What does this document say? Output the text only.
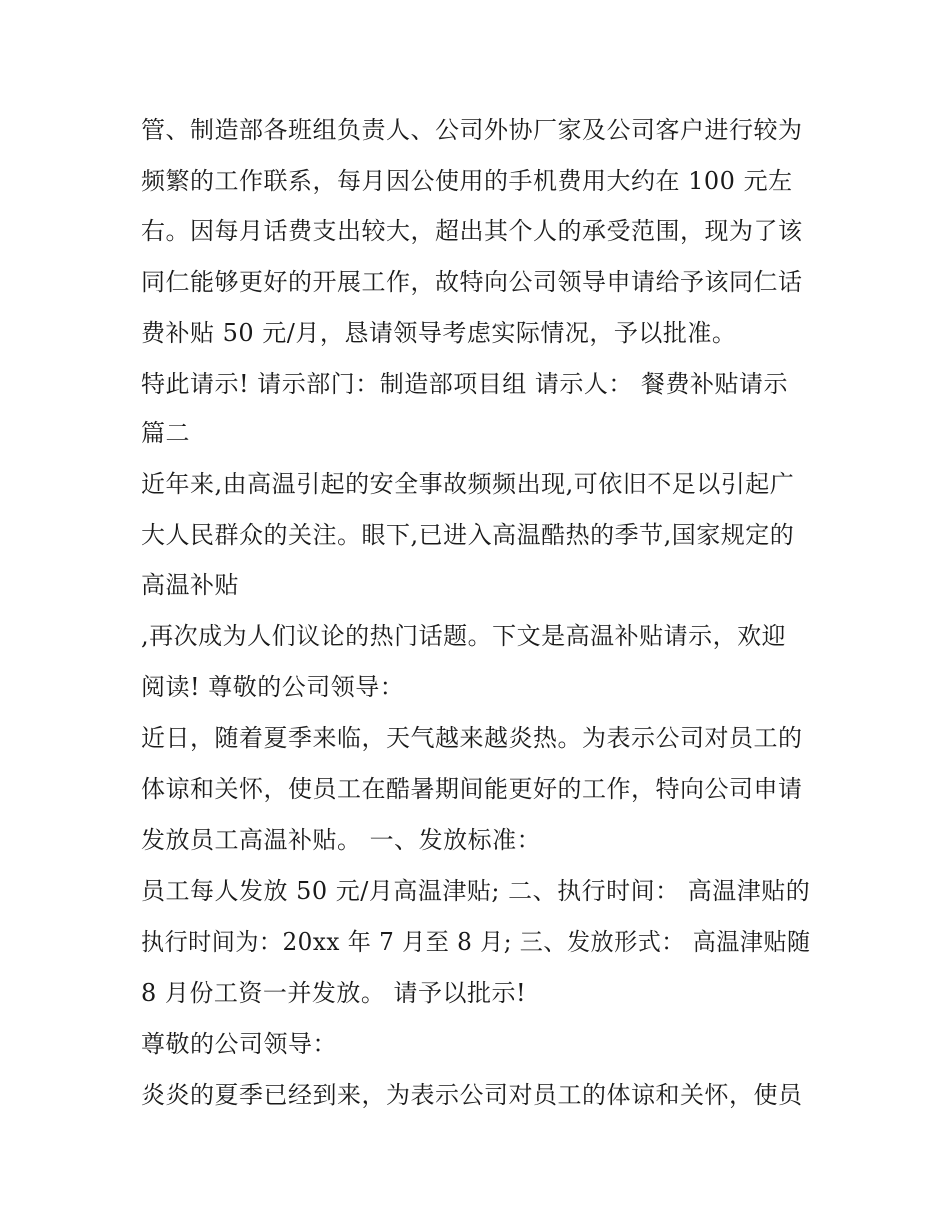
管、制造部各班组负责人、公司外协厂家及公司客户进行较为
频繁的工作联系，每月因公使用的手机费用大约在 100 元左
右。因每月话费支出较大，超出其个人的承受范围，现为了该
同仁能够更好的开展工作，故特向公司领导申请给予该同仁话
费补贴 50 元/月，恳请领导考虑实际情况，予以批准。
特此请示! 请示部门：制造部项目组 请示人： 餐费补贴请示
篇二
近年来,由高温引起的安全事故频频出现,可依旧不足以引起广
大人民群众的关注。眼下,已进入高温酷热的季节,国家规定的
高温补贴
,再次成为人们议论的热门话题。下文是高温补贴请示，欢迎
阅读! 尊敬的公司领导：
近日，随着夏季来临，天气越来越炎热。为表示公司对员工的
体谅和关怀，使员工在酷暑期间能更好的工作，特向公司申请
发放员工高温补贴。 一、发放标准：
员工每人发放 50 元/月高温津贴; 二、执行时间： 高温津贴的
执行时间为：20xx 年 7 月至 8 月; 三、发放形式： 高温津贴随
8 月份工资一并发放。 请予以批示!
尊敬的公司领导：
炎炎的夏季已经到来，为表示公司对员工的体谅和关怀，使员
